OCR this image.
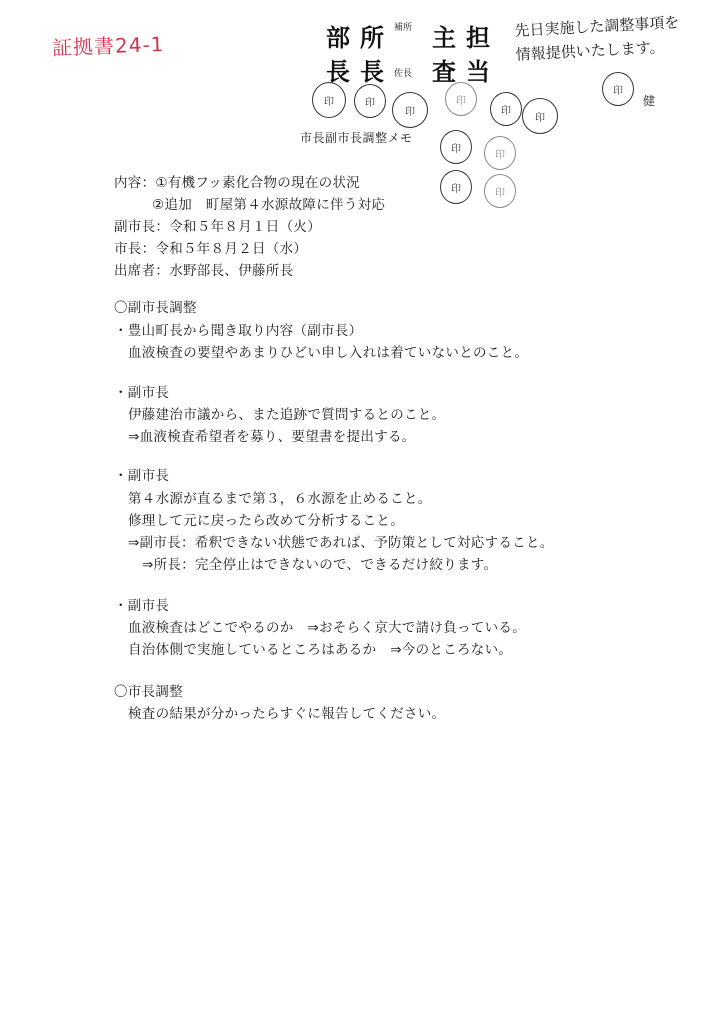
証拠書24-1	部 所 補所 主 担
長 長 佐長 査 当
先日実施した調整事項を
情報提供いたします。
健
印	印
印
印
印
印
印
印
印
印	印
市長副市長調整メモ
内容：①有機フッ素化合物の現在の状況
②追加　町屋第４水源故障に伴う対応
副市長：令和５年８月１日（火）
市長：令和５年８月２日（水）
出席者：水野部長、伊藤所長
〇副市長調整
・豊山町長から聞き取り内容（副市長）
血液検査の要望やあまりひどい申し入れは着ていないとのこと。
・副市長
伊藤建治市議から、また追跡で質問するとのこと。
⇒血液検査希望者を募り、要望書を提出する。
・副市長
第４水源が直るまで第３，６水源を止めること。
修理して元に戻ったら改めて分析すること。
⇒副市長：希釈できない状態であれば、予防策として対応すること。
⇒所長：完全停止はできないので、できるだけ絞ります。
・副市長
血液検査はどこでやるのか　⇒おそらく京大で請け負っている。
自治体側で実施しているところはあるか　⇒今のところない。
〇市長調整
検査の結果が分かったらすぐに報告してください。
